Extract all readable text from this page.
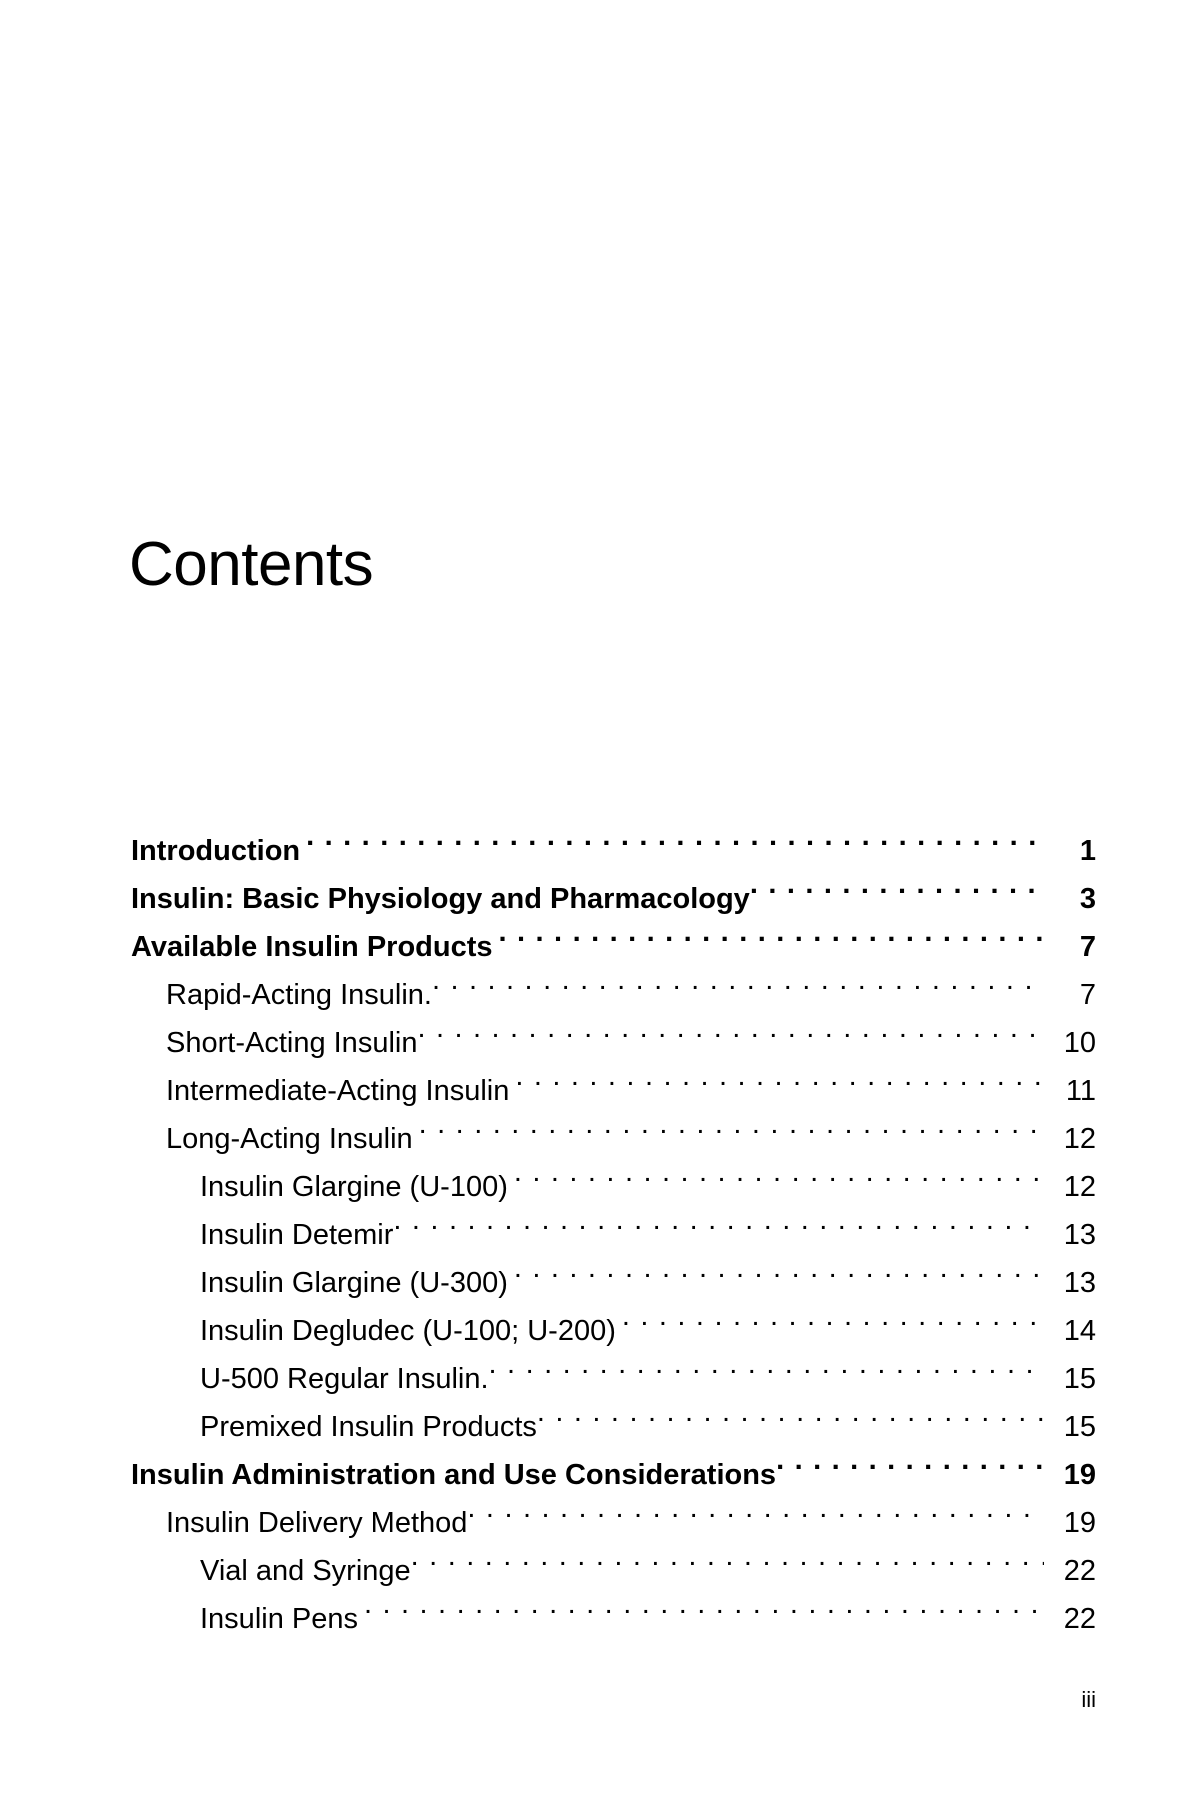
Contents
Introduction . . .	1
Insulin: Basic Physiology and Pharmacology . . .	3
Available Insulin Products . . .	7
Rapid-Acting Insulin. . . .	7
Short-Acting Insulin . . .	10
Intermediate-Acting Insulin . . .	11
Long-Acting Insulin . . .	12
Insulin Glargine (U-100) . . .	12
Insulin Detemir . . .	13
Insulin Glargine (U-300) . . .	13
Insulin Degludec (U-100; U-200) . . .	14
U-500 Regular Insulin. . . .	15
Premixed Insulin Products . . .	15
Insulin Administration and Use Considerations . . .	19
Insulin Delivery Method . . .	19
Vial and Syringe . . .	22
Insulin Pens . . .	22
iii
